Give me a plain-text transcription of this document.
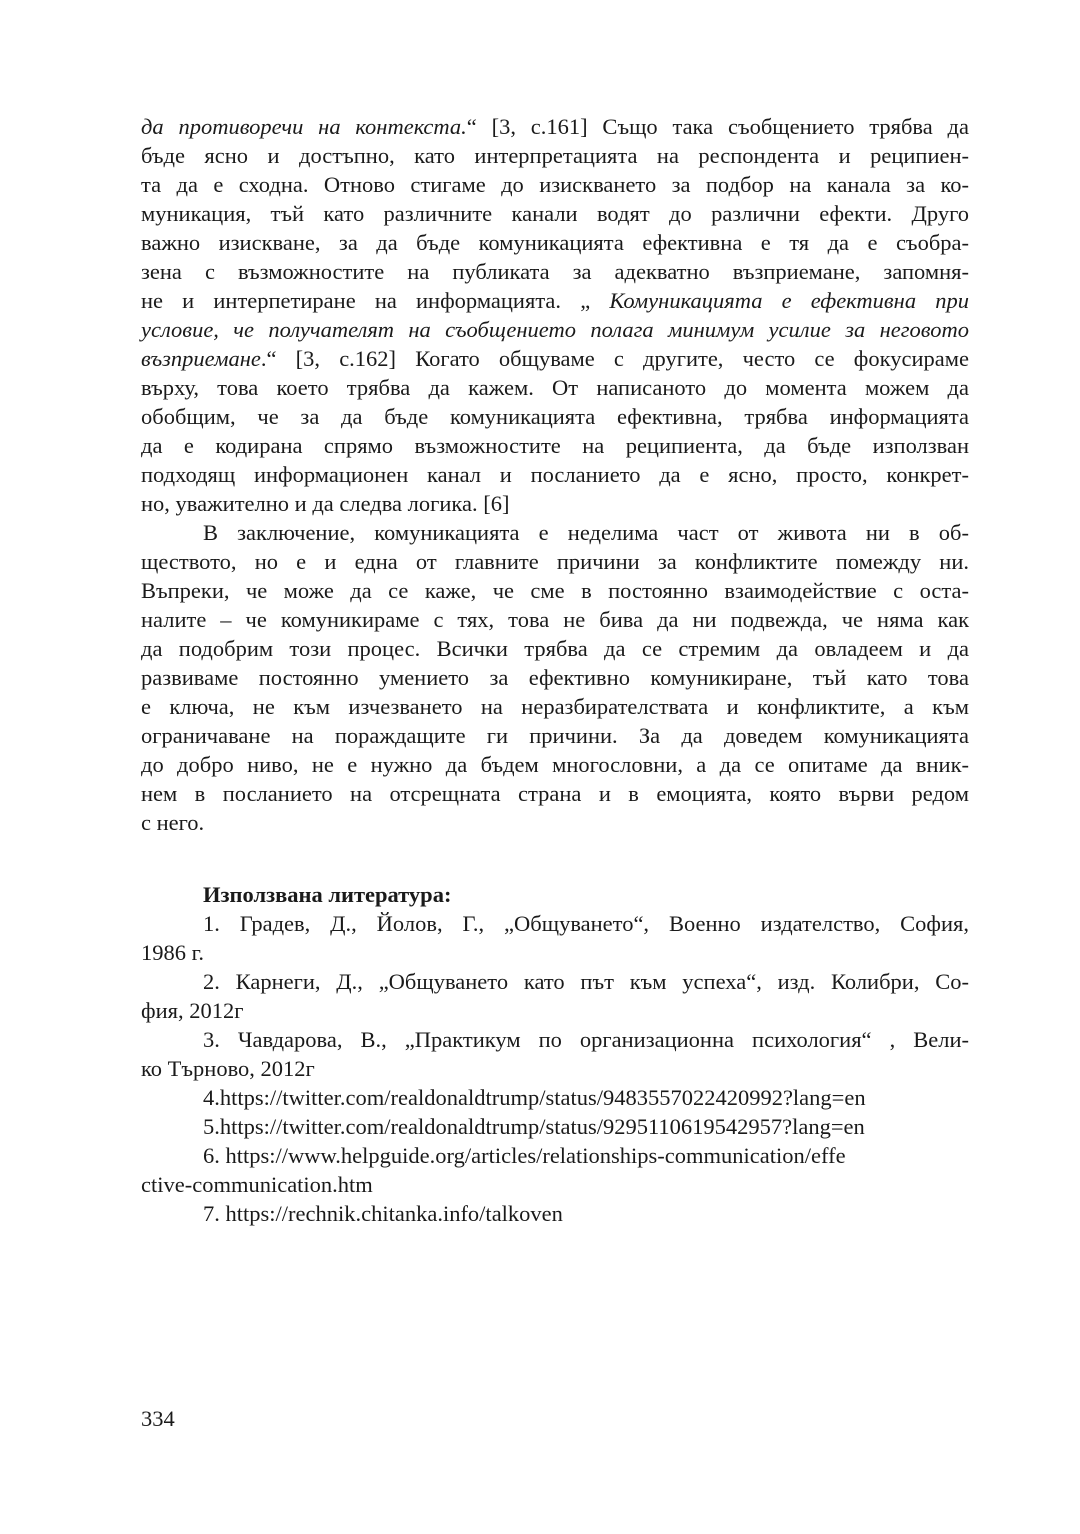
да противоречи на контекста.“ [3, с.161] Също така съобщението трябва да
бъде ясно и достъпно, като интерпретацията на респондента и реципиен-
та да е сходна. Отново стигаме до изискването за подбор на канала за ко-
муникация, тъй като различните канали водят до различни ефекти. Друго
важно изискване, за да бъде комуникацията ефективна е тя да е съобра-
зена с възможностите на публиката за адекватно възприемане, запомня-
не и интерпетиране на информацията. „ Комуникацията е ефективна при
условие, че получателят на съобщението полага минимум усилие за неговото
възприемане.“ [3, с.162] Когато общуваме с другите, често се фокусираме
върху, това което трябва да кажем. От написаното до момента можем да
обобщим, че за да бъде комуникацията ефективна, трябва информацията
да е кодирана спрямо възможностите на реципиента, да бъде използван
подходящ информационен канал и посланието да е ясно, просто, конкрет-
но, уважително и да следва логика. [6]
В заключение, комуникацията е неделима част от живота ни в об-
ществото, но е и една от главните причини за конфликтите помежду ни.
Въпреки, че може да се каже, че сме в постоянно взаимодействие с оста-
налите – че комуникираме с тях, това не бива да ни подвежда, че няма как
да подобрим този процес. Всички трябва да се стремим да овладеем и да
развиваме постоянно умението за ефективно комуникиране, тъй като това
е ключа, не към изчезването на неразбирателствата и конфликтите, а към
ограничаване на пораждащите ги причини. За да доведем комуникацията
до добро ниво, не е нужно да бъдем многословни, а да се опитаме да вник-
нем в посланието на отсрещната страна и в емоцията, която върви редом
с него.
Използвана литература:
1. Градев, Д., Йолов, Г., „Общуването“, Военно издателство, София,
1986 г.
2. Карнеги, Д., „Общуването като път към успеха“, изд. Колибри, Со-
фия, 2012г
3. Чавдарова, В., „Практикум по организационна психология“ , Вели-
ко Търново, 2012г
4.https://twitter.com/realdonaldtrump/status/9483557022420992?lang=en
5.https://twitter.com/realdonaldtrump/status/9295110619542957?lang=en
6. https://www.helpguide.org/articles/relationships-communication/effe
ctive-communication.htm
7. https://rechnik.chitanka.info/talkoven
334
